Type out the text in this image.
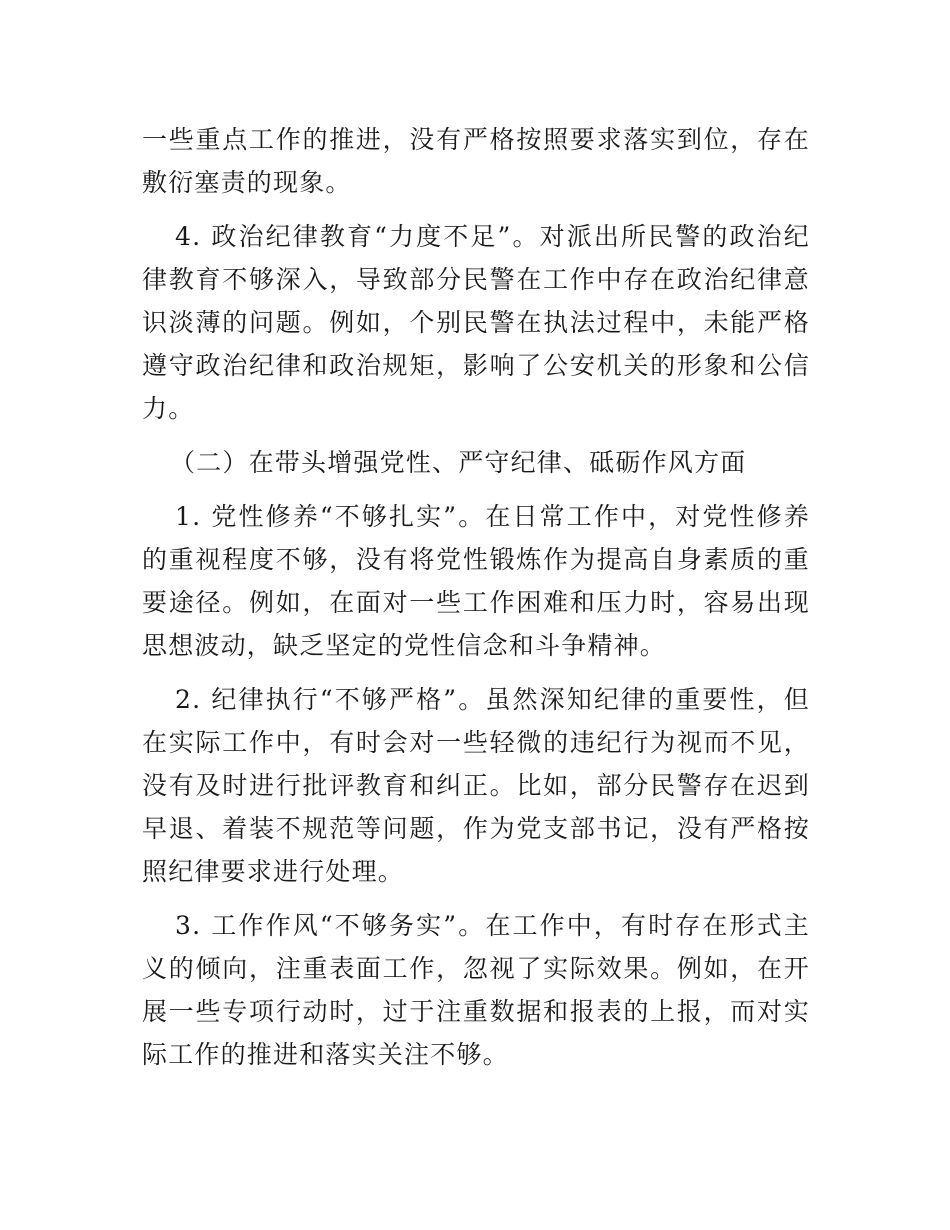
一些重点工作的推进，没有严格按照要求落实到位，存在敷衍塞责的现象。

4. 政治纪律教育“力度不足”。对派出所民警的政治纪律教育不够深入，导致部分民警在工作中存在政治纪律意识淡薄的问题。例如，个别民警在执法过程中，未能严格遵守政治纪律和政治规矩，影响了公安机关的形象和公信力。

（二）在带头增强党性、严守纪律、砥砺作风方面

1. 党性修养“不够扎实”。在日常工作中，对党性修养的重视程度不够，没有将党性锻炼作为提高自身素质的重要途径。例如，在面对一些工作困难和压力时，容易出现思想波动，缺乏坚定的党性信念和斗争精神。

2. 纪律执行“不够严格”。虽然深知纪律的重要性，但在实际工作中，有时会对一些轻微的违纪行为视而不见，没有及时进行批评教育和纠正。比如，部分民警存在迟到早退、着装不规范等问题，作为党支部书记，没有严格按照纪律要求进行处理。

3. 工作作风“不够务实”。在工作中，有时存在形式主义的倾向，注重表面工作，忽视了实际效果。例如，在开展一些专项行动时，过于注重数据和报表的上报，而对实际工作的推进和落实关注不够。
